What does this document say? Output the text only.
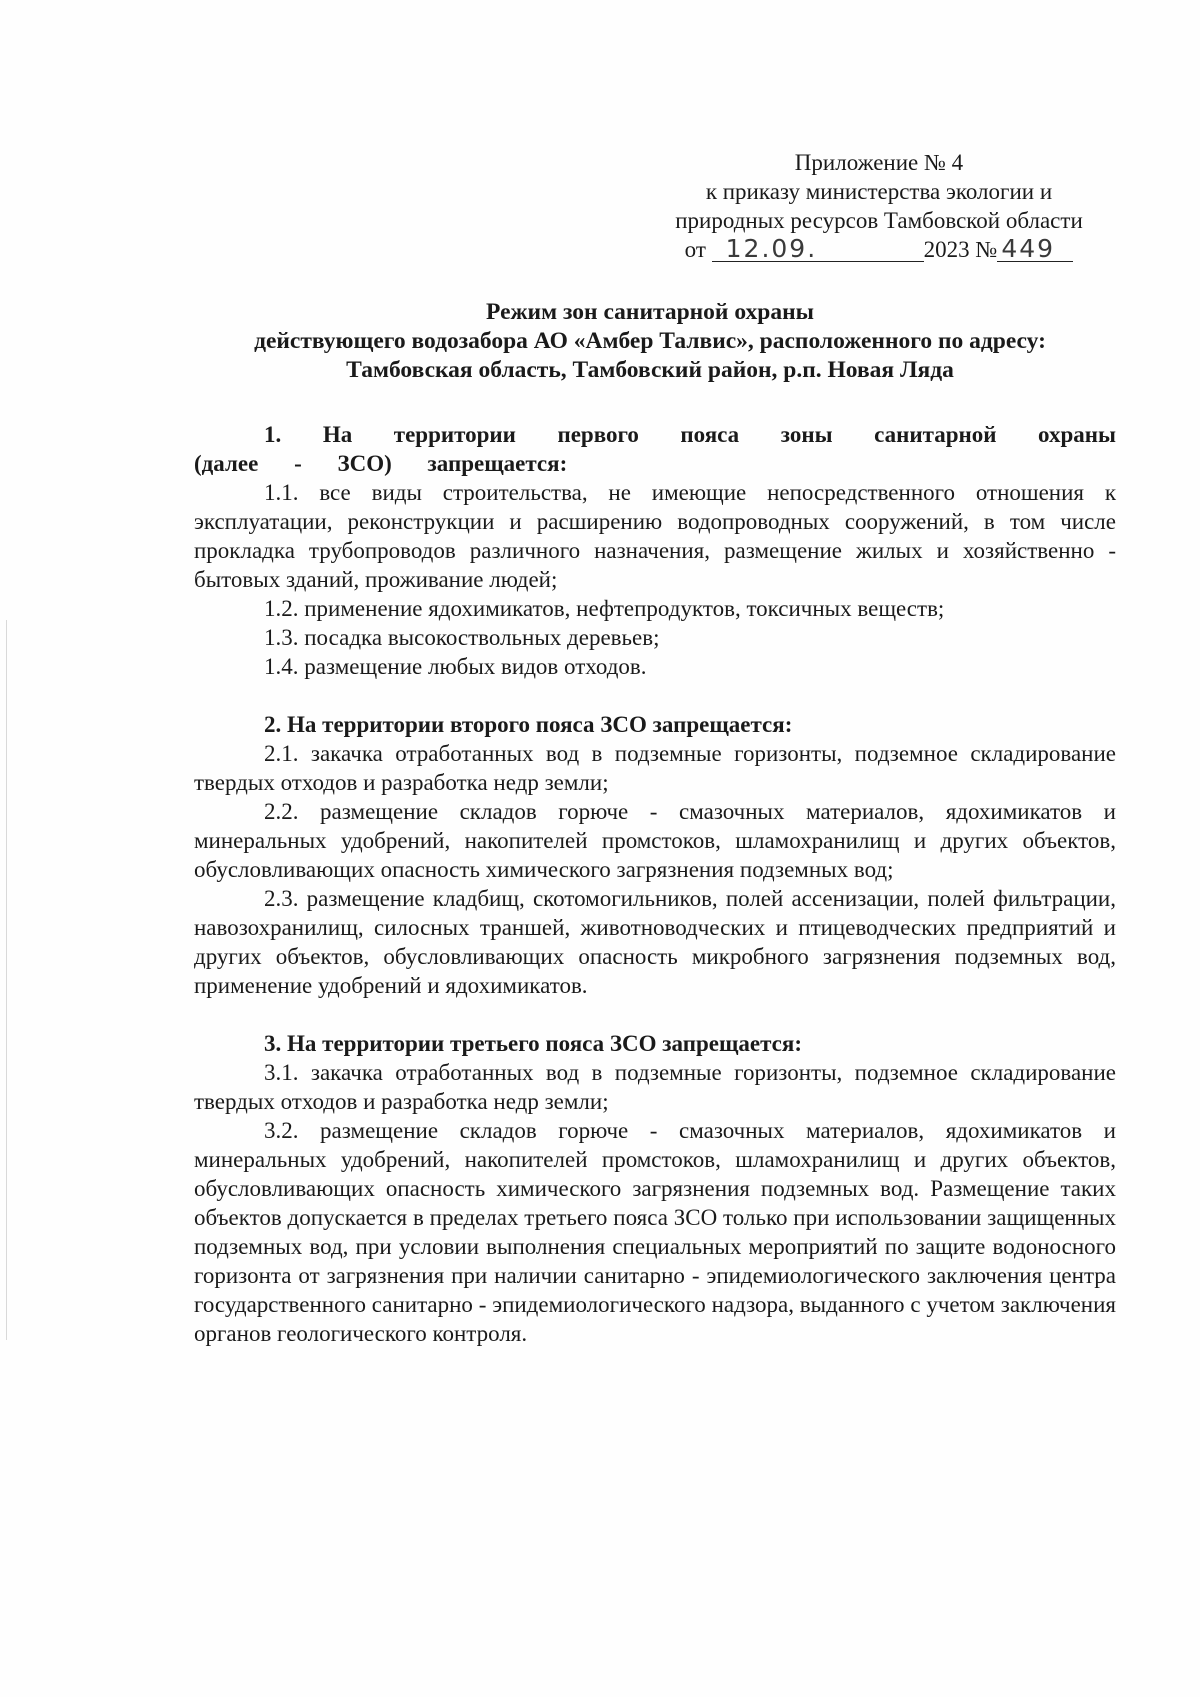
Приложение № 4
к приказу министерства экологии и
природных ресурсов Тамбовской области
от 12.09.	2023 № 449
Режим зон санитарной охраны
действующего водозабора АО «Амбер Талвис», расположенного по адресу:
Тамбовская область, Тамбовский район, р.п. Новая Ляда

1. На территории первого пояса зоны санитарной охраны (далее - ЗСО) запрещается:

1.1. все виды строительства, не имеющие непосредственного отношения к эксплуатации, реконструкции и расширению водопроводных сооружений, в том числе прокладка трубопроводов различного назначения, размещение жилых и хозяйственно - бытовых зданий, проживание людей;

1.2. применение ядохимикатов, нефтепродуктов, токсичных веществ;

1.3. посадка высокоствольных деревьев;

1.4. размещение любых видов отходов.

2. На территории второго пояса ЗСО запрещается:

2.1. закачка отработанных вод в подземные горизонты, подземное складирование твердых отходов и разработка недр земли;

2.2. размещение складов горюче - смазочных материалов, ядохимикатов и минеральных удобрений, накопителей промстоков, шламохранилищ и других объектов, обусловливающих опасность химического загрязнения подземных вод;

2.3. размещение кладбищ, скотомогильников, полей ассенизации, полей фильтрации, навозохранилищ, силосных траншей, животноводческих и птицеводческих предприятий и других объектов, обусловливающих опасность микробного загрязнения подземных вод, применение удобрений и ядохимикатов.

3. На территории третьего пояса ЗСО запрещается:

3.1. закачка отработанных вод в подземные горизонты, подземное складирование твердых отходов и разработка недр земли;

3.2. размещение складов горюче - смазочных материалов, ядохимикатов и минеральных удобрений, накопителей промстоков, шламохранилищ и других объектов, обусловливающих опасность химического загрязнения подземных вод. Размещение таких объектов допускается в пределах третьего пояса ЗСО только при использовании защищенных подземных вод, при условии выполнения специальных мероприятий по защите водоносного горизонта от загрязнения при наличии санитарно - эпидемиологического заключения центра государственного санитарно - эпидемиологического надзора, выданного с учетом заключения органов геологического контроля.
